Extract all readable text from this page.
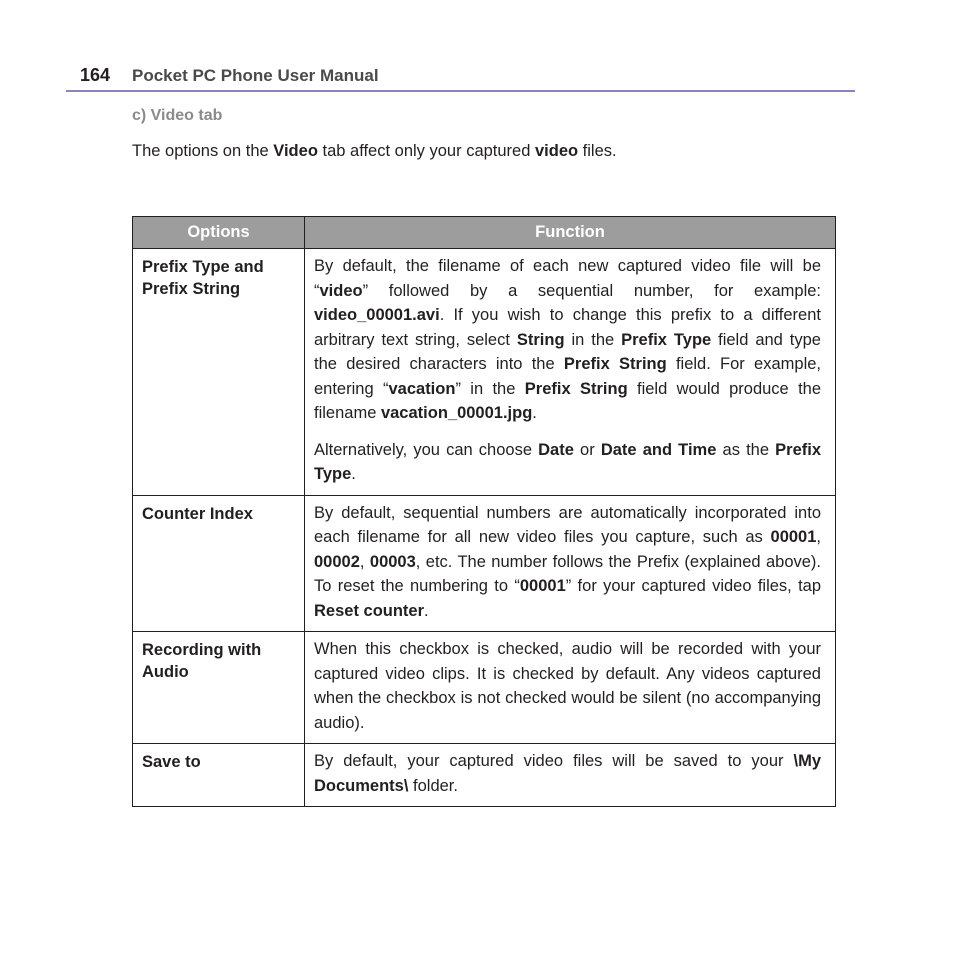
164 Pocket PC Phone User Manual
c) Video tab
The options on the Video tab affect only your captured video files.
Options	Function
Prefix Type and Prefix String	By default, the filename of each new captured video file will be “video” followed by a sequential number, for example: video_00001.avi. If you wish to change this prefix to a different arbitrary text string, select String in the Prefix Type field and type the desired characters into the Prefix String field. For example, entering “vacation” in the Prefix String field would produce the filename vacation_00001.jpg.

Alternatively, you can choose Date or Date and Time as the Prefix Type.

Counter Index	By default, sequential numbers are automatically incorporated into each filename for all new video files you capture, such as 00001, 00002, 00003, etc. The number follows the Prefix (explained above). To reset the numbering to “00001” for your captured video files, tap Reset counter.

Recording with Audio	When this checkbox is checked, audio will be recorded with your captured video clips. It is checked by default. Any videos captured when the checkbox is not checked would be silent (no accompanying audio).

Save to	By default, your captured video files will be saved to your \My Documents\ folder.
